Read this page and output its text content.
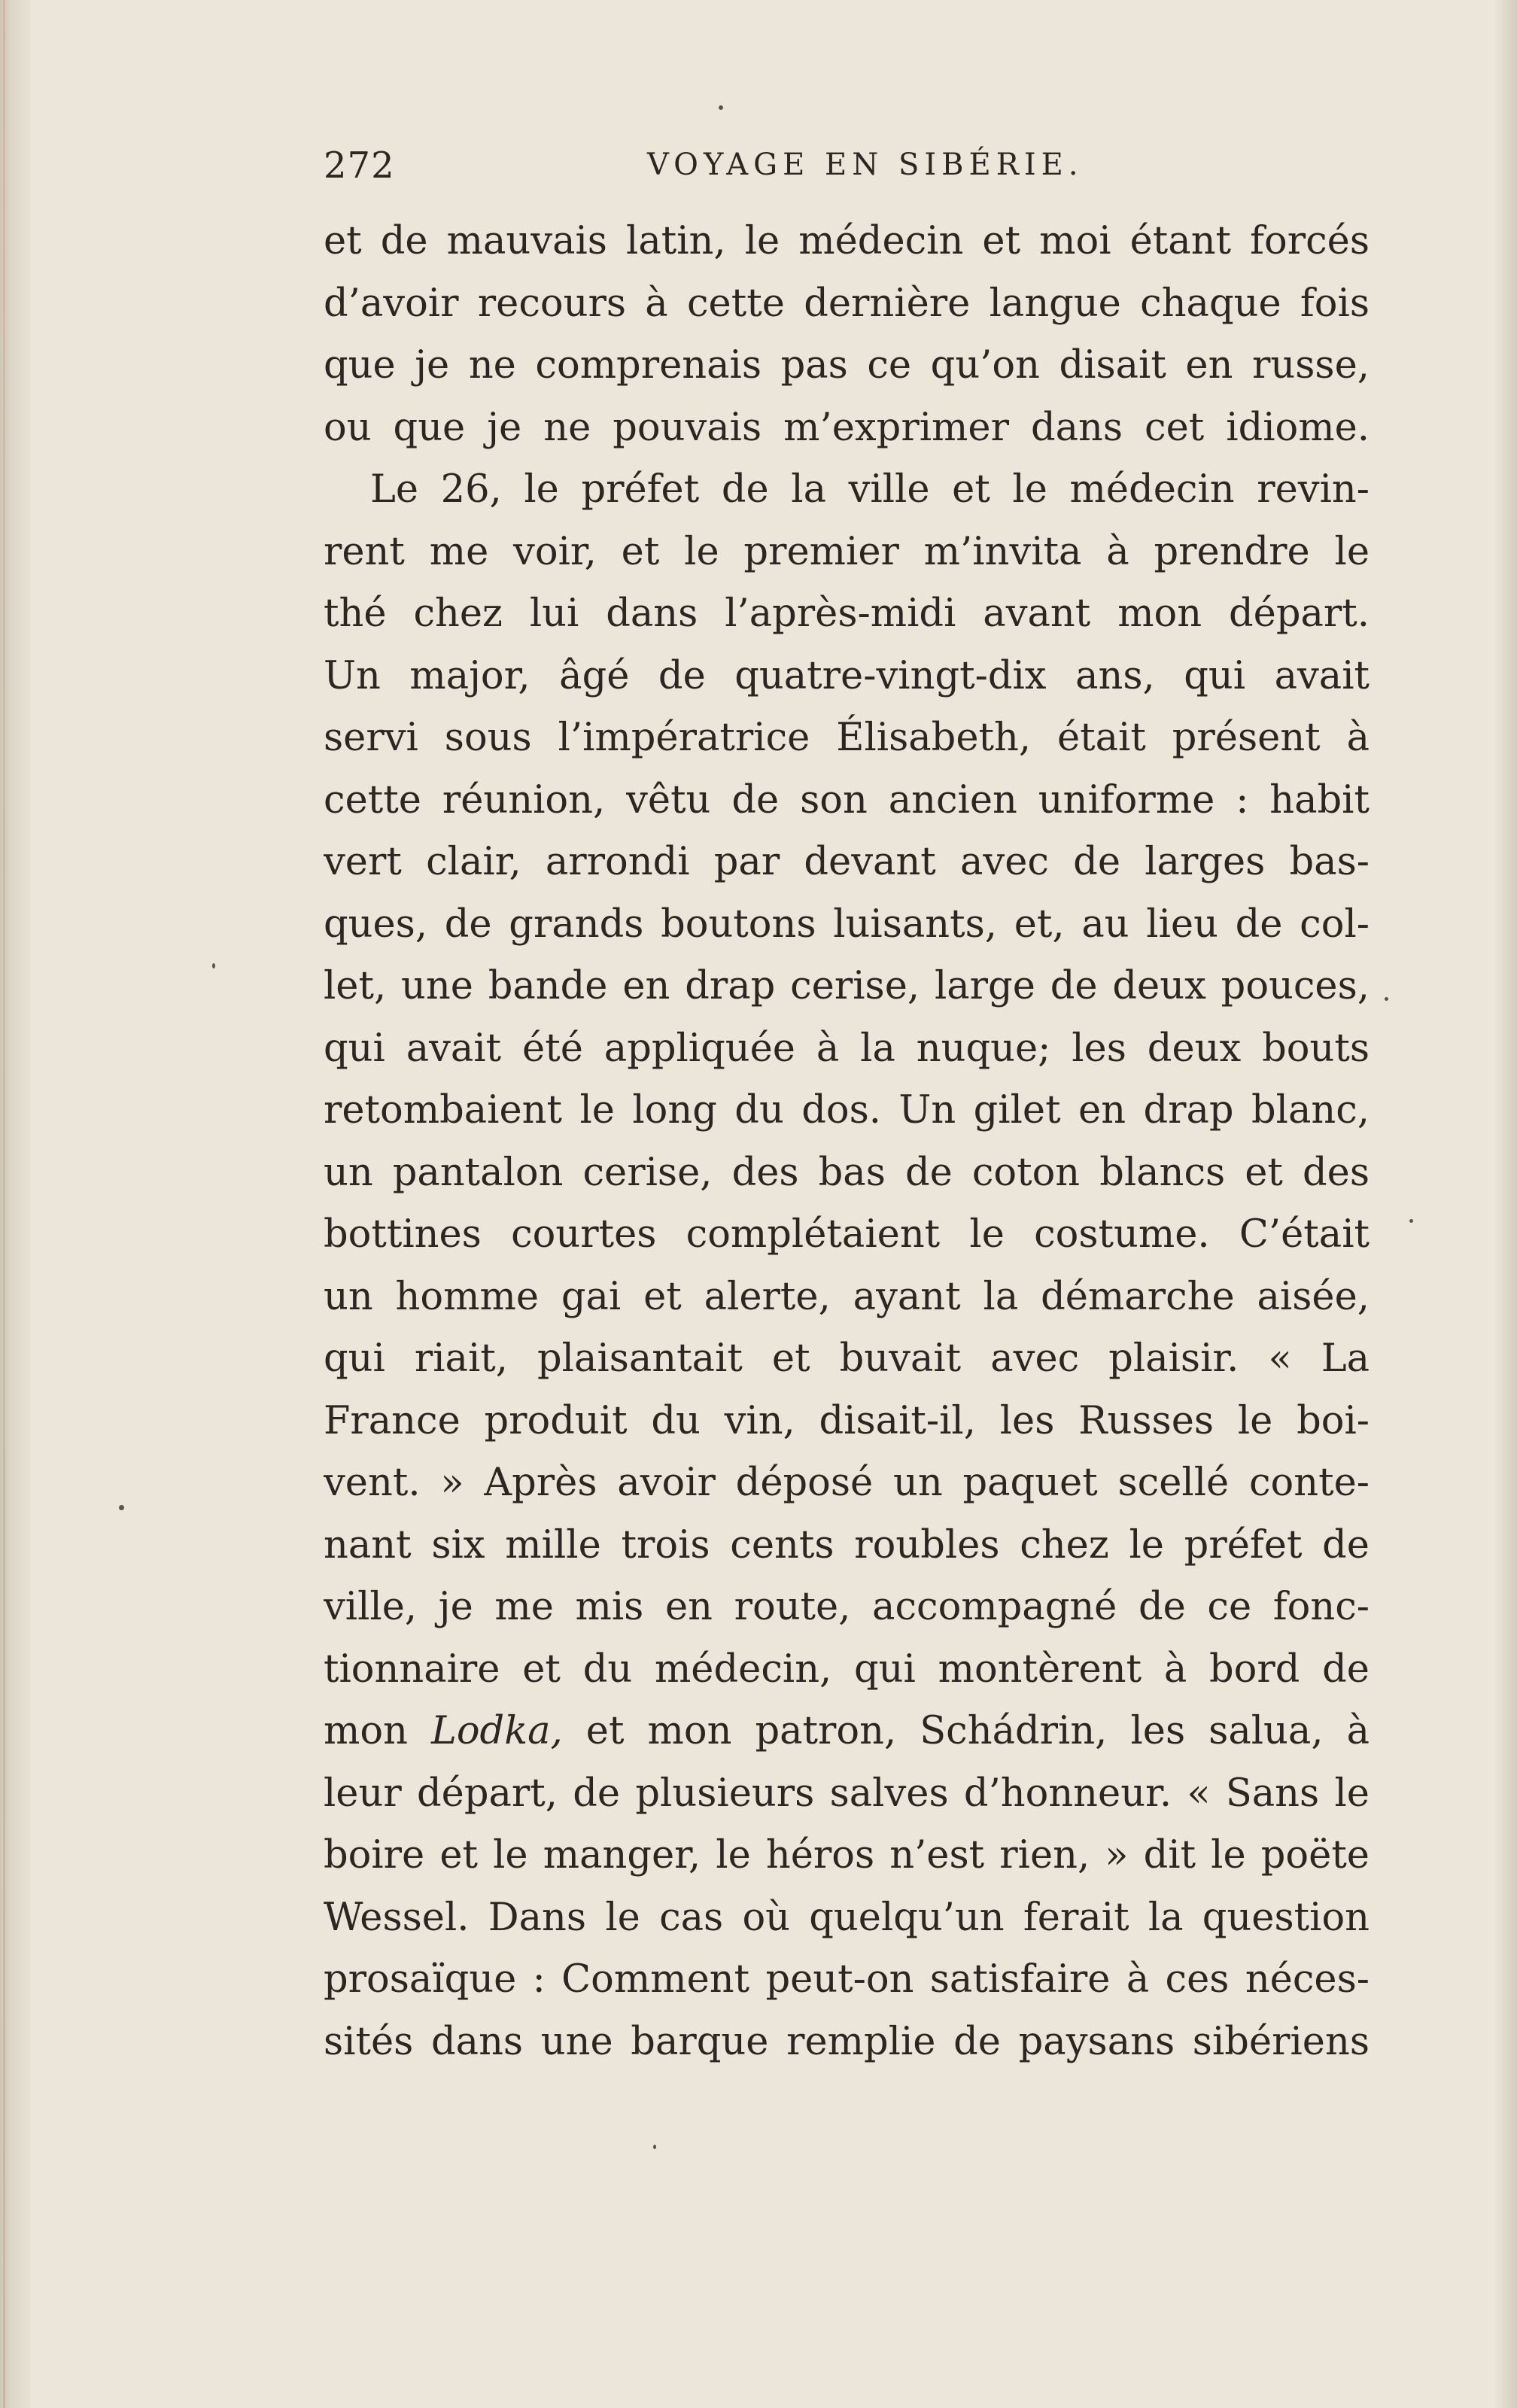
272	VOYAGE EN SIBÉRIE.
et de mauvais latin, le médecin et moi étant forcés
d’avoir recours à cette dernière langue chaque fois
que je ne comprenais pas ce qu’on disait en russe,
ou que je ne pouvais m’exprimer dans cet idiome.
Le 26, le préfet de la ville et le médecin revin-
rent me voir, et le premier m’invita à prendre le
thé chez lui dans l’après-midi avant mon départ.
Un major, âgé de quatre-vingt-dix ans, qui avait
servi sous l’impératrice Élisabeth, était présent à
cette réunion, vêtu de son ancien uniforme : habit
vert clair, arrondi par devant avec de larges bas-
ques, de grands boutons luisants, et, au lieu de col-
let, une bande en drap cerise, large de deux pouces,
qui avait été appliquée à la nuque; les deux bouts
retombaient le long du dos. Un gilet en drap blanc,
un pantalon cerise, des bas de coton blancs et des
bottines courtes complétaient le costume. C’était
un homme gai et alerte, ayant la démarche aisée,
qui riait, plaisantait et buvait avec plaisir. « La
France produit du vin, disait-il, les Russes le boi-
vent. » Après avoir déposé un paquet scellé conte-
nant six mille trois cents roubles chez le préfet de
ville, je me mis en route, accompagné de ce fonc-
tionnaire et du médecin, qui montèrent à bord de
mon Lodka, et mon patron, Schádrin, les salua, à
leur départ, de plusieurs salves d’honneur. « Sans le
boire et le manger, le héros n’est rien, » dit le poëte
Wessel. Dans le cas où quelqu’un ferait la question
prosaïque : Comment peut-on satisfaire à ces néces-
sités dans une barque remplie de paysans sibériens
